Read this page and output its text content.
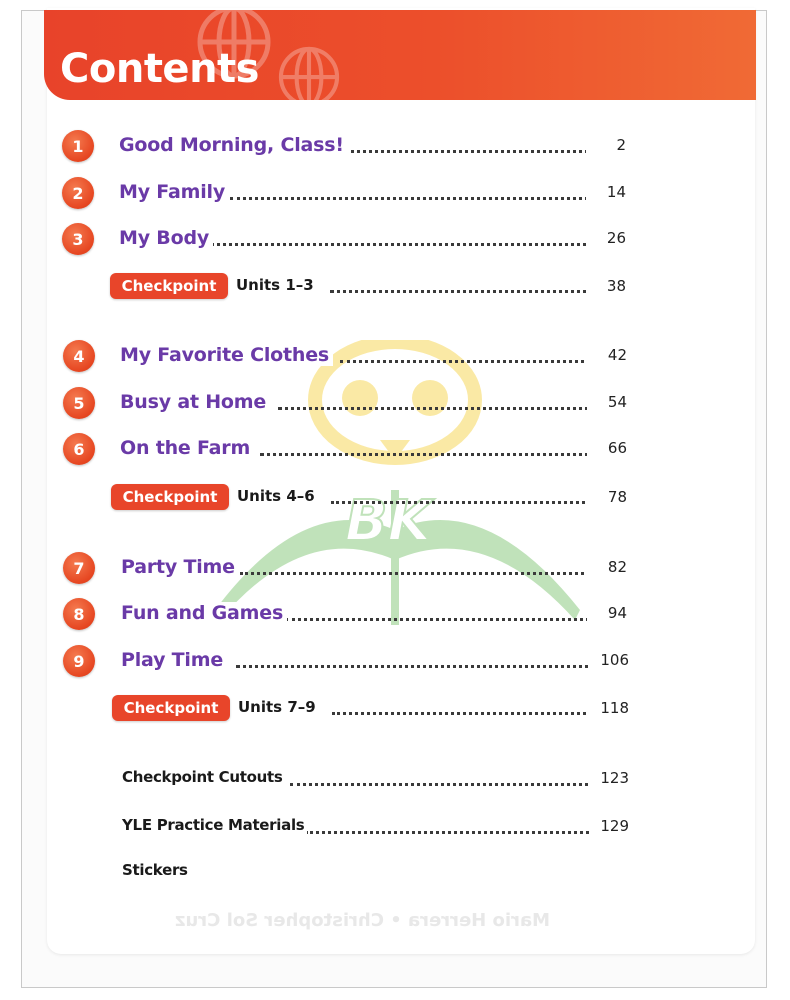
Mario Herrera • Christopher Sol Cruz
Contents
BK
1	Good Morning, Class!	2
2	My Family	14
3	My Body	26
Checkpoint	Units 1–3	38
4	My Favorite Clothes	42
5	Busy at Home	54
6	On the Farm	66
Checkpoint	Units 4–6	78
7	Party Time	82
8	Fun and Games	94
9	Play Time	106
Checkpoint	Units 7–9	118
Checkpoint Cutouts	123
YLE Practice Materials	129
Stickers
